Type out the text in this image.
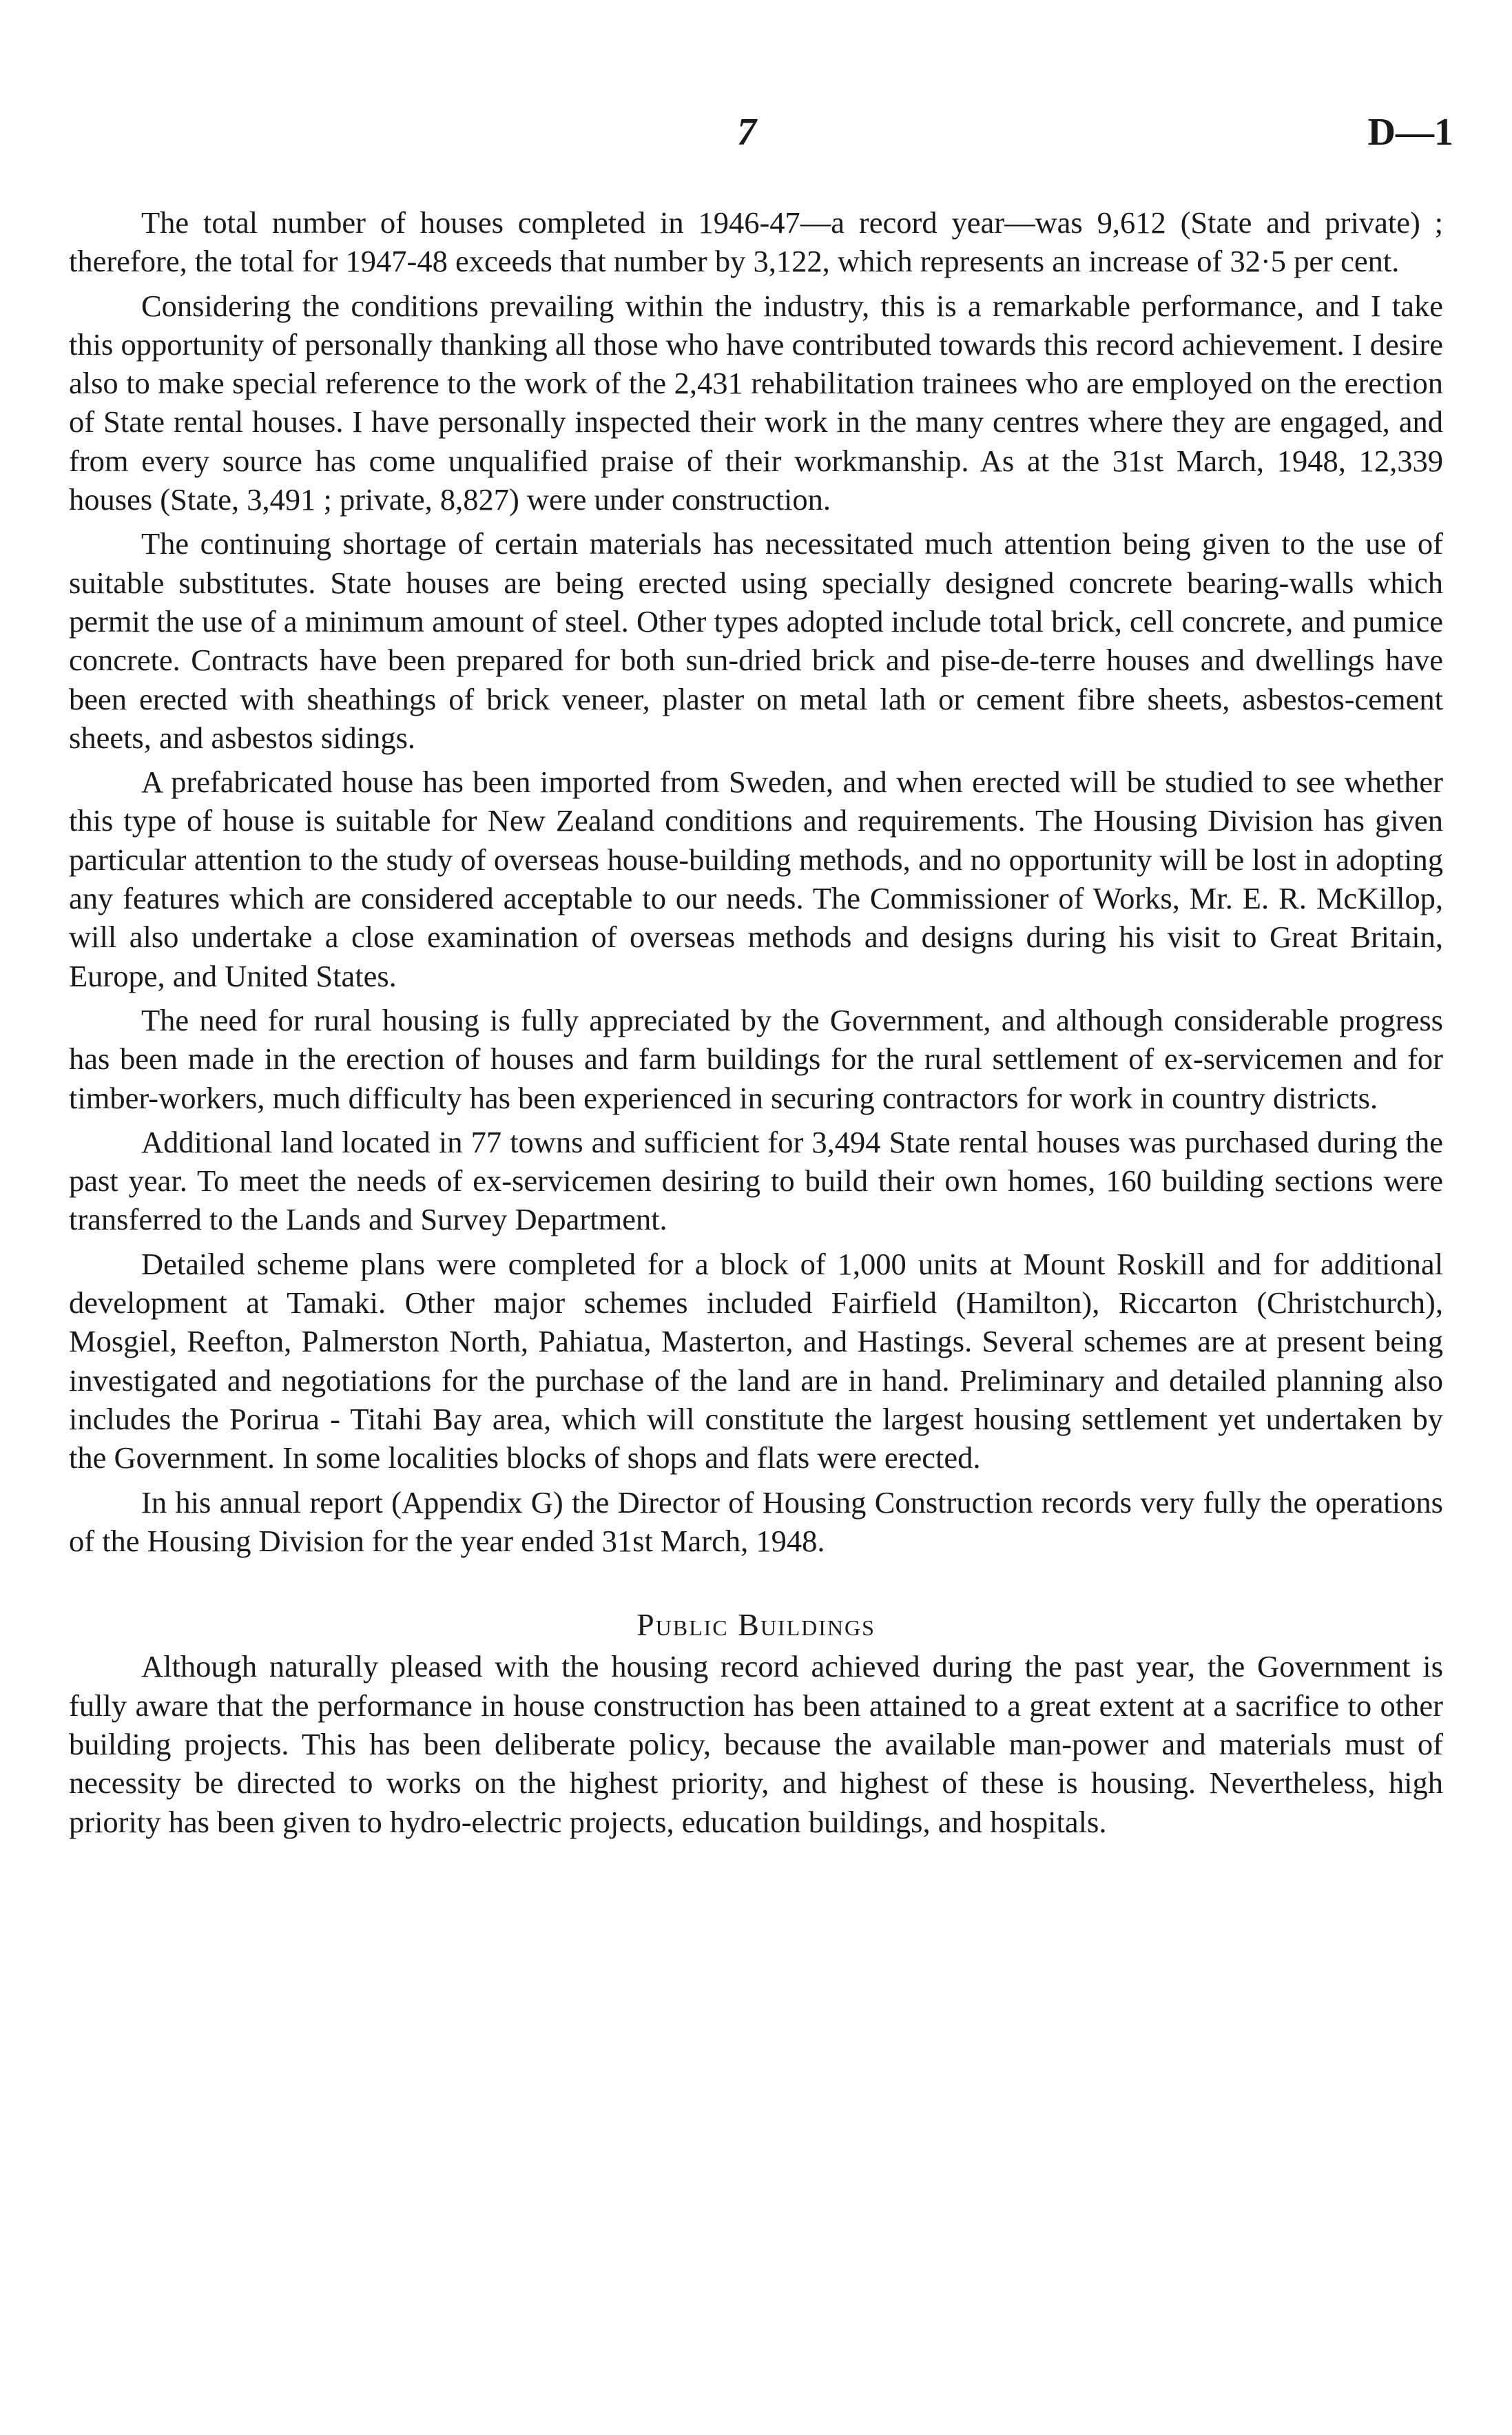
7	D—1

The total number of houses completed in 1946-47—a record year—was 9,612 (State and private) ; therefore, the total for 1947-48 exceeds that number by 3,122, which represents an increase of 32·5 per cent.

Considering the conditions prevailing within the industry, this is a remarkable performance, and I take this opportunity of personally thanking all those who have contributed towards this record achievement. I desire also to make special reference to the work of the 2,431 rehabilitation trainees who are employed on the erection of State rental houses. I have personally inspected their work in the many centres where they are engaged, and from every source has come unqualified praise of their workmanship. As at the 31st March, 1948, 12,339 houses (State, 3,491 ; private, 8,827) were under construction.

The continuing shortage of certain materials has necessitated much attention being given to the use of suitable substitutes. State houses are being erected using specially designed concrete bearing-walls which permit the use of a minimum amount of steel. Other types adopted include total brick, cell concrete, and pumice concrete. Contracts have been prepared for both sun-dried brick and pise-de-terre houses and dwellings have been erected with sheathings of brick veneer, plaster on metal lath or cement fibre sheets, asbestos-cement sheets, and asbestos sidings.

A prefabricated house has been imported from Sweden, and when erected will be studied to see whether this type of house is suitable for New Zealand conditions and requirements. The Housing Division has given particular attention to the study of overseas house-building methods, and no opportunity will be lost in adopting any features which are considered acceptable to our needs. The Commissioner of Works, Mr. E. R. McKillop, will also undertake a close examination of overseas methods and designs during his visit to Great Britain, Europe, and United States.

The need for rural housing is fully appreciated by the Government, and although considerable progress has been made in the erection of houses and farm buildings for the rural settlement of ex-servicemen and for timber-workers, much difficulty has been experienced in securing contractors for work in country districts.

Additional land located in 77 towns and sufficient for 3,494 State rental houses was purchased during the past year. To meet the needs of ex-servicemen desiring to build their own homes, 160 building sections were transferred to the Lands and Survey Department.

Detailed scheme plans were completed for a block of 1,000 units at Mount Roskill and for additional development at Tamaki. Other major schemes included Fairfield (Hamilton), Riccarton (Christchurch), Mosgiel, Reefton, Palmerston North, Pahiatua, Masterton, and Hastings. Several schemes are at present being investigated and negotiations for the purchase of the land are in hand. Preliminary and detailed planning also includes the Porirua - Titahi Bay area, which will constitute the largest housing settlement yet undertaken by the Government. In some localities blocks of shops and flats were erected.

In his annual report (Appendix G) the Director of Housing Construction records very fully the operations of the Housing Division for the year ended 31st March, 1948.

Public Buildings

Although naturally pleased with the housing record achieved during the past year, the Government is fully aware that the performance in house construction has been attained to a great extent at a sacrifice to other building projects. This has been deliberate policy, because the available man-power and materials must of necessity be directed to works on the highest priority, and highest of these is housing. Nevertheless, high priority has been given to hydro-electric projects, education buildings, and hospitals.
